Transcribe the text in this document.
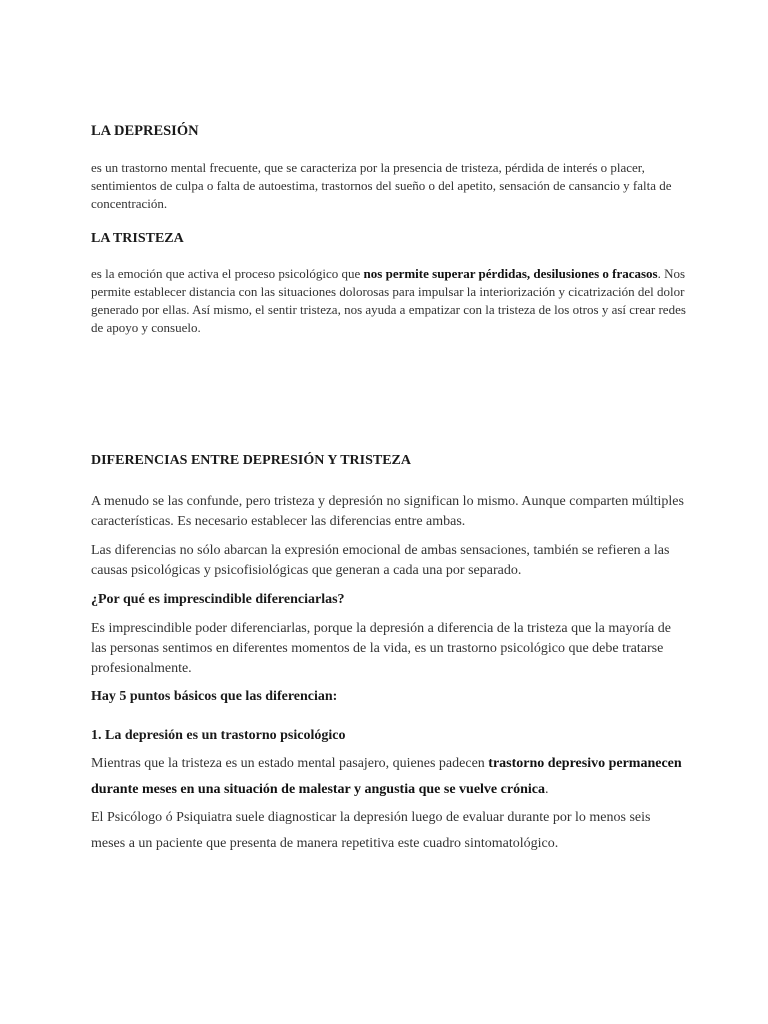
LA DEPRESIÓN

es un trastorno mental frecuente, que se caracteriza por la presencia de tristeza, pérdida de interés o placer, sentimientos de culpa o falta de autoestima, trastornos del sueño o del apetito, sensación de cansancio y falta de concentración.

LA TRISTEZA

es la emoción que activa el proceso psicológico que nos permite superar pérdidas, desilusiones o fracasos. Nos permite establecer distancia con las situaciones dolorosas para impulsar la interiorización y cicatrización del dolor generado por ellas. Así mismo, el sentir tristeza, nos ayuda a empatizar con la tristeza de los otros y así crear redes de apoyo y consuelo.

DIFERENCIAS ENTRE DEPRESIÓN Y TRISTEZA

A menudo se las confunde, pero tristeza y depresión no significan lo mismo. Aunque comparten múltiples características. Es necesario establecer las diferencias entre ambas.

Las diferencias no sólo abarcan la expresión emocional de ambas sensaciones, también se refieren a las causas psicológicas y psicofisiológicas que generan a cada una por separado.

¿Por qué es imprescindible diferenciarlas?

Es imprescindible poder diferenciarlas, porque la depresión a diferencia de la tristeza que la mayoría de las personas sentimos en diferentes momentos de la vida, es un trastorno psicológico que debe tratarse profesionalmente.

Hay 5 puntos básicos que las diferencian:
1. La depresión es un trastorno psicológico

Mientras que la tristeza es un estado mental pasajero, quienes padecen trastorno depresivo permanecen durante meses en una situación de malestar y angustia que se vuelve crónica.

El Psicólogo ó Psiquiatra suele diagnosticar la depresión luego de evaluar durante por lo menos seis meses a un paciente que presenta de manera repetitiva este cuadro sintomatológico.
